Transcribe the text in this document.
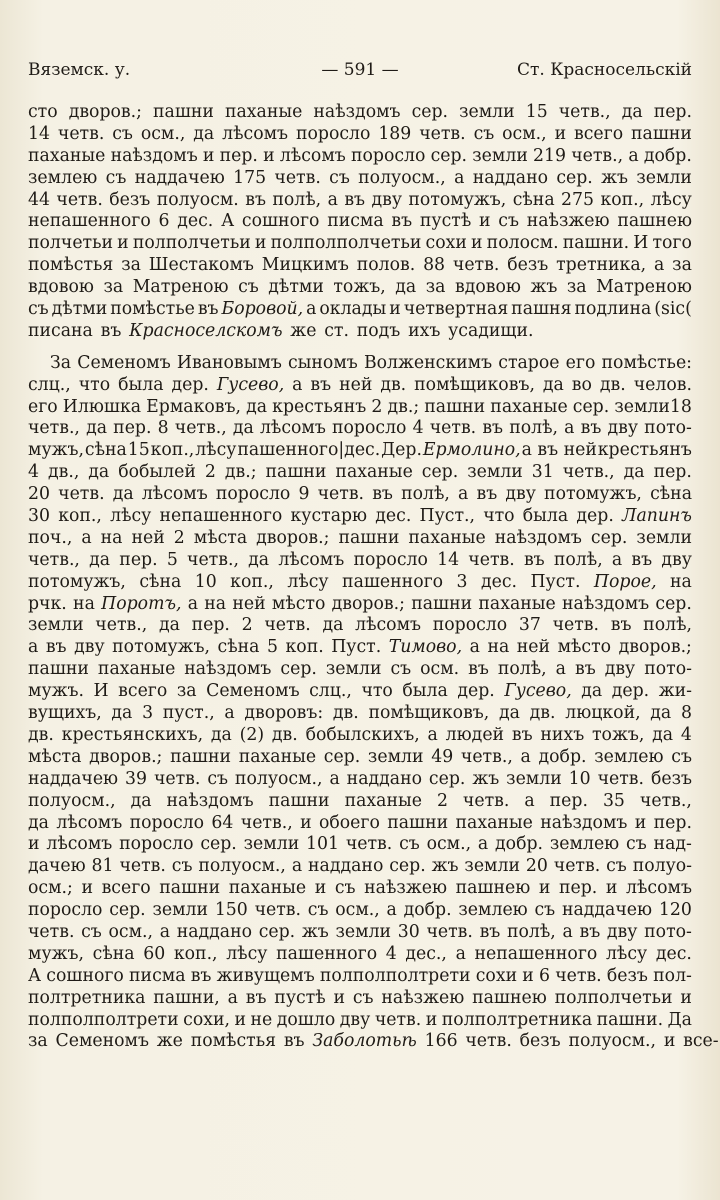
Вяземск. у.	— 591 —	Ст. Красносельскiй
сто дворов.; пашни паханые наѣздомъ сер. земли 15 четв., да пер.
14 четв. съ осм., да лѣсомъ поросло 189 четв. съ осм., и всего пашни
паханые наѣздомъ и пер. и лѣсомъ поросло сер. земли 219 четв., а добр.
землею съ наддачею 175 четв. съ полуосм., а наддано сер. жъ земли
44 четв. безъ полуосм. въ полѣ, а въ дву потомужъ, сѣна 275 коп., лѣсу
непашенного 6 дес. А сошного писма въ пустѣ и съ наѣзжею пашнею
полчетьи и полполчетьи и полполполчетьи сохи и полосм. пашни. И того
помѣстья за Шестакомъ Мицкимъ полов. 88 четв. безъ третника, а за
вдовою за Матреною съ дѣтми тожъ, да за вдовою жъ за Матреною
съ дѣтми помѣстье въ Боровой, а оклады и четвертная пашня подлина (sic(
писана въ Красноселскомъ же ст. подъ ихъ усадищи.
За Семеномъ Ивановымъ сыномъ Волженскимъ старое его помѣстье:
слц., что была дер. Гусево, а въ ней дв. помѣщиковъ, да во дв. челов.
его Илюшка Ермаковъ, да крестьянъ 2 дв.; пашни паханые сер. земли18
четв., да пер. 8 четв., да лѣсомъ поросло 4 четв. въ полѣ, а въ дву пото-
мужъ, сѣна 15 коп., лѣсу пашенного|дес. Дер. Ермолино, а въ ней крестьянъ
4 дв., да бобылей 2 дв.; пашни паханые сер. земли 31 четв., да пер.
20 четв. да лѣсомъ поросло 9 четв. въ полѣ, а въ дву потомужъ, сѣна
30 коп., лѣсу непашенного кустарю дес. Пуст., что была дер. Лапинъ
поч., а на ней 2 мѣста дворов.; пашни паханые наѣздомъ сер. земли
четв., да пер. 5 четв., да лѣсомъ поросло 14 четв. въ полѣ, а въ дву
потомужъ, сѣна 10 коп., лѣсу пашенного 3 дес. Пуст. Пороe, на
рчк. на Поротъ, а на ней мѣсто дворов.; пашни паханые наѣздомъ сер.
земли четв., да пер. 2 четв. да лѣсомъ поросло 37 четв. въ полѣ,
а въ дву потомужъ, сѣна 5 коп. Пуст. Тимово, а на ней мѣсто дворов.;
пашни паханые наѣздомъ сер. земли съ осм. въ полѣ, а въ дву пото-
мужъ. И всего за Семеномъ слц., что была дер. Гусево, да дер. жи-
вущихъ, да 3 пуст., а дворовъ: дв. помѣщиковъ, да дв. люцкой, да 8
дв. крестьянскихъ, да (2) дв. бобылскихъ, а людей въ нихъ тожъ, да 4
мѣста дворов.; пашни паханые сер. земли 49 четв., а добр. землею съ
наддачею 39 четв. съ полуосм., а наддано сер. жъ земли 10 четв. безъ
полуосм., да наѣздомъ пашни паханые 2 четв. а пер. 35 четв.,
да лѣсомъ поросло 64 четв., и обоего пашни паханые наѣздомъ и пер.
и лѣсомъ поросло сер. земли 101 четв. съ осм., а добр. землею съ над-
дачею 81 четв. съ полуосм., а наддано сер. жъ земли 20 четв. съ полуо-
осм.; и всего пашни паханые и съ наѣзжею пашнею и пер. и лѣсомъ
поросло сер. земли 150 четв. съ осм., а добр. землею съ наддачею 120
четв. съ осм., а наддано сер. жъ земли 30 четв. въ полѣ, а въ дву пото-
мужъ, сѣна 60 коп., лѣсу пашенного 4 дес., а непашенного лѣсу дес.
А сошного писма въ живущемъ полполполтрети сохи и 6 четв. безъ пол-
полтретника пашни, а въ пустѣ и съ наѣзжею пашнею полполчетьи и
полполполтрети сохи, и не дошло дву четв. и полполтретника пашни. Да
за Семеномъ же помѣстья въ Заболотьѣ 166 четв. безъ полуосм., и все-
